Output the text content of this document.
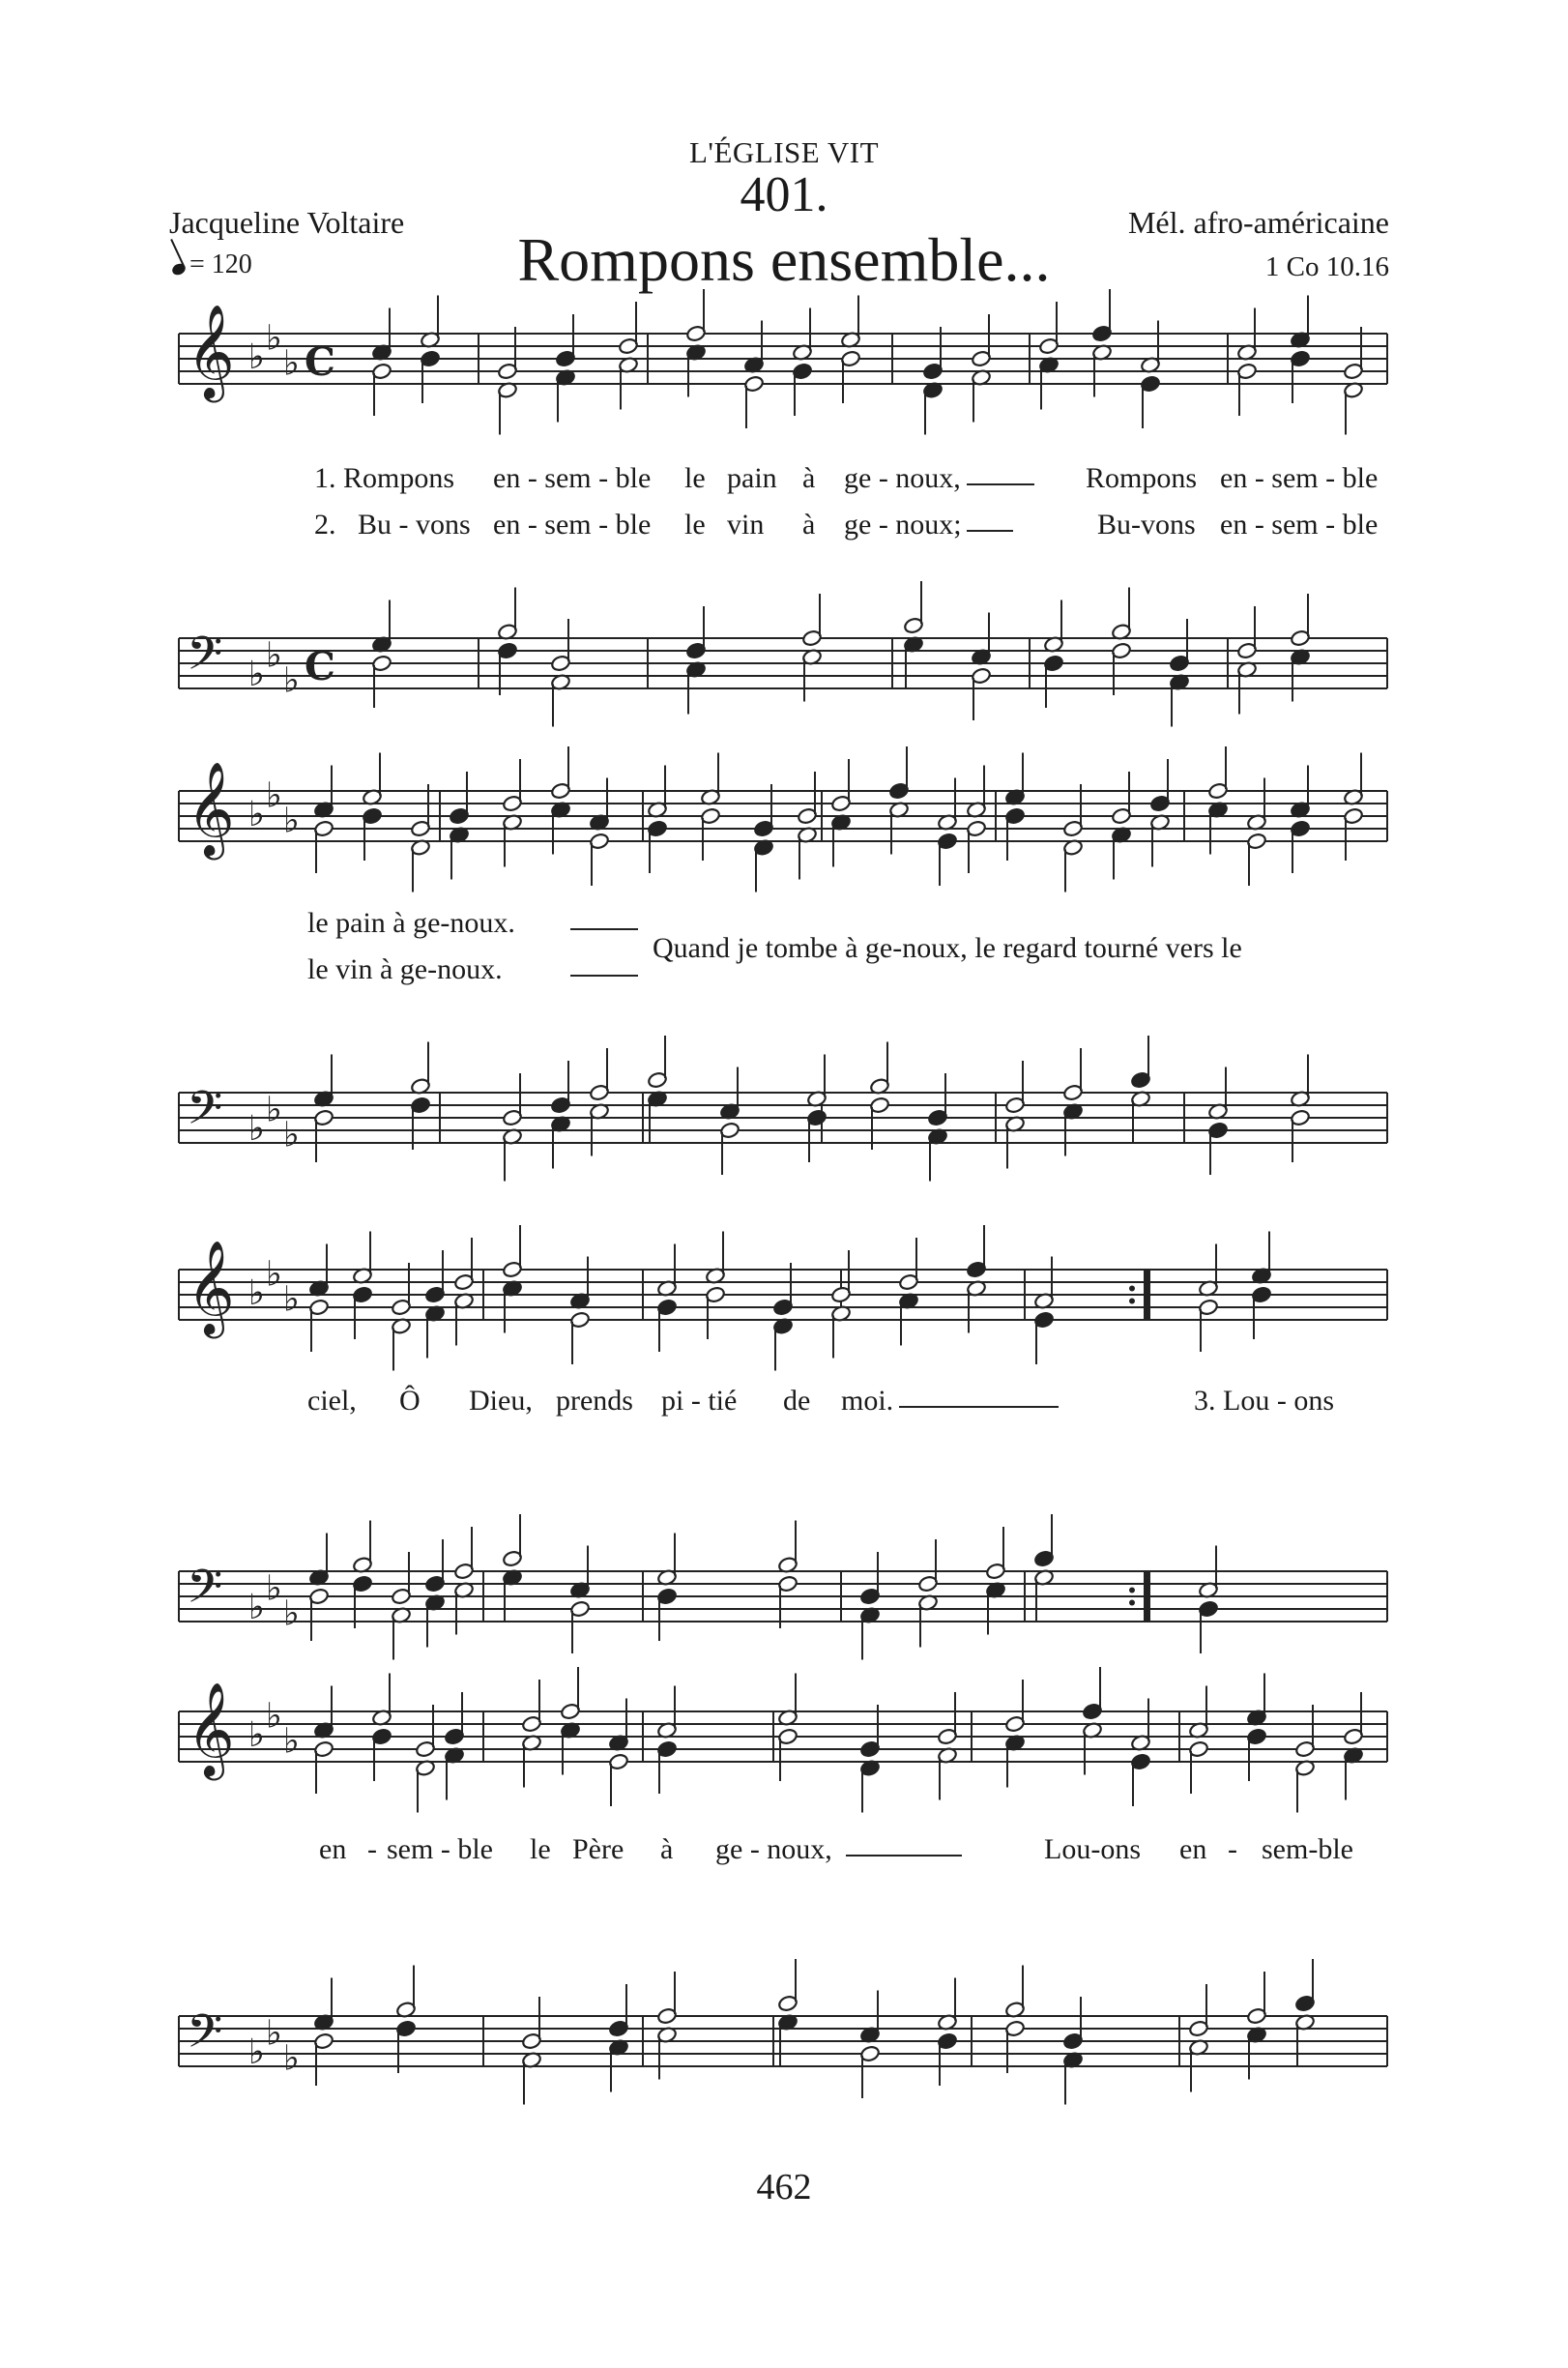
L'ÉGLISE VIT
401.
Rompons ensemble...
Jacqueline Voltaire	Mél. afro-américaine
1 Co 10.16
= 120
𝄞 ♭ ♭
♭ C
𝄢 ♭ ♭
♭ C
𝄞 ♭ ♭
♭
𝄢 ♭ ♭
♭
𝄞 ♭ ♭
♭
𝄢 ♭ ♭
♭
𝄞 ♭ ♭
♭
𝄢 ♭ ♭
♭
1. Rompons en - sem - ble le pain à ge - noux,	Rompons en - sem - ble
2. Bu - vons en - sem - ble le vin à ge - noux;	Bu-vons en - sem - ble
le pain à ge-noux.
le vin à ge-noux.
Quand je tombe à ge-noux, le regard tourné vers le
ciel, Ô Dieu, prends pi - tié de moi.	3. Lou - ons
en - sem - ble le Père à ge - noux,	Lou-ons en - sem-ble
462
